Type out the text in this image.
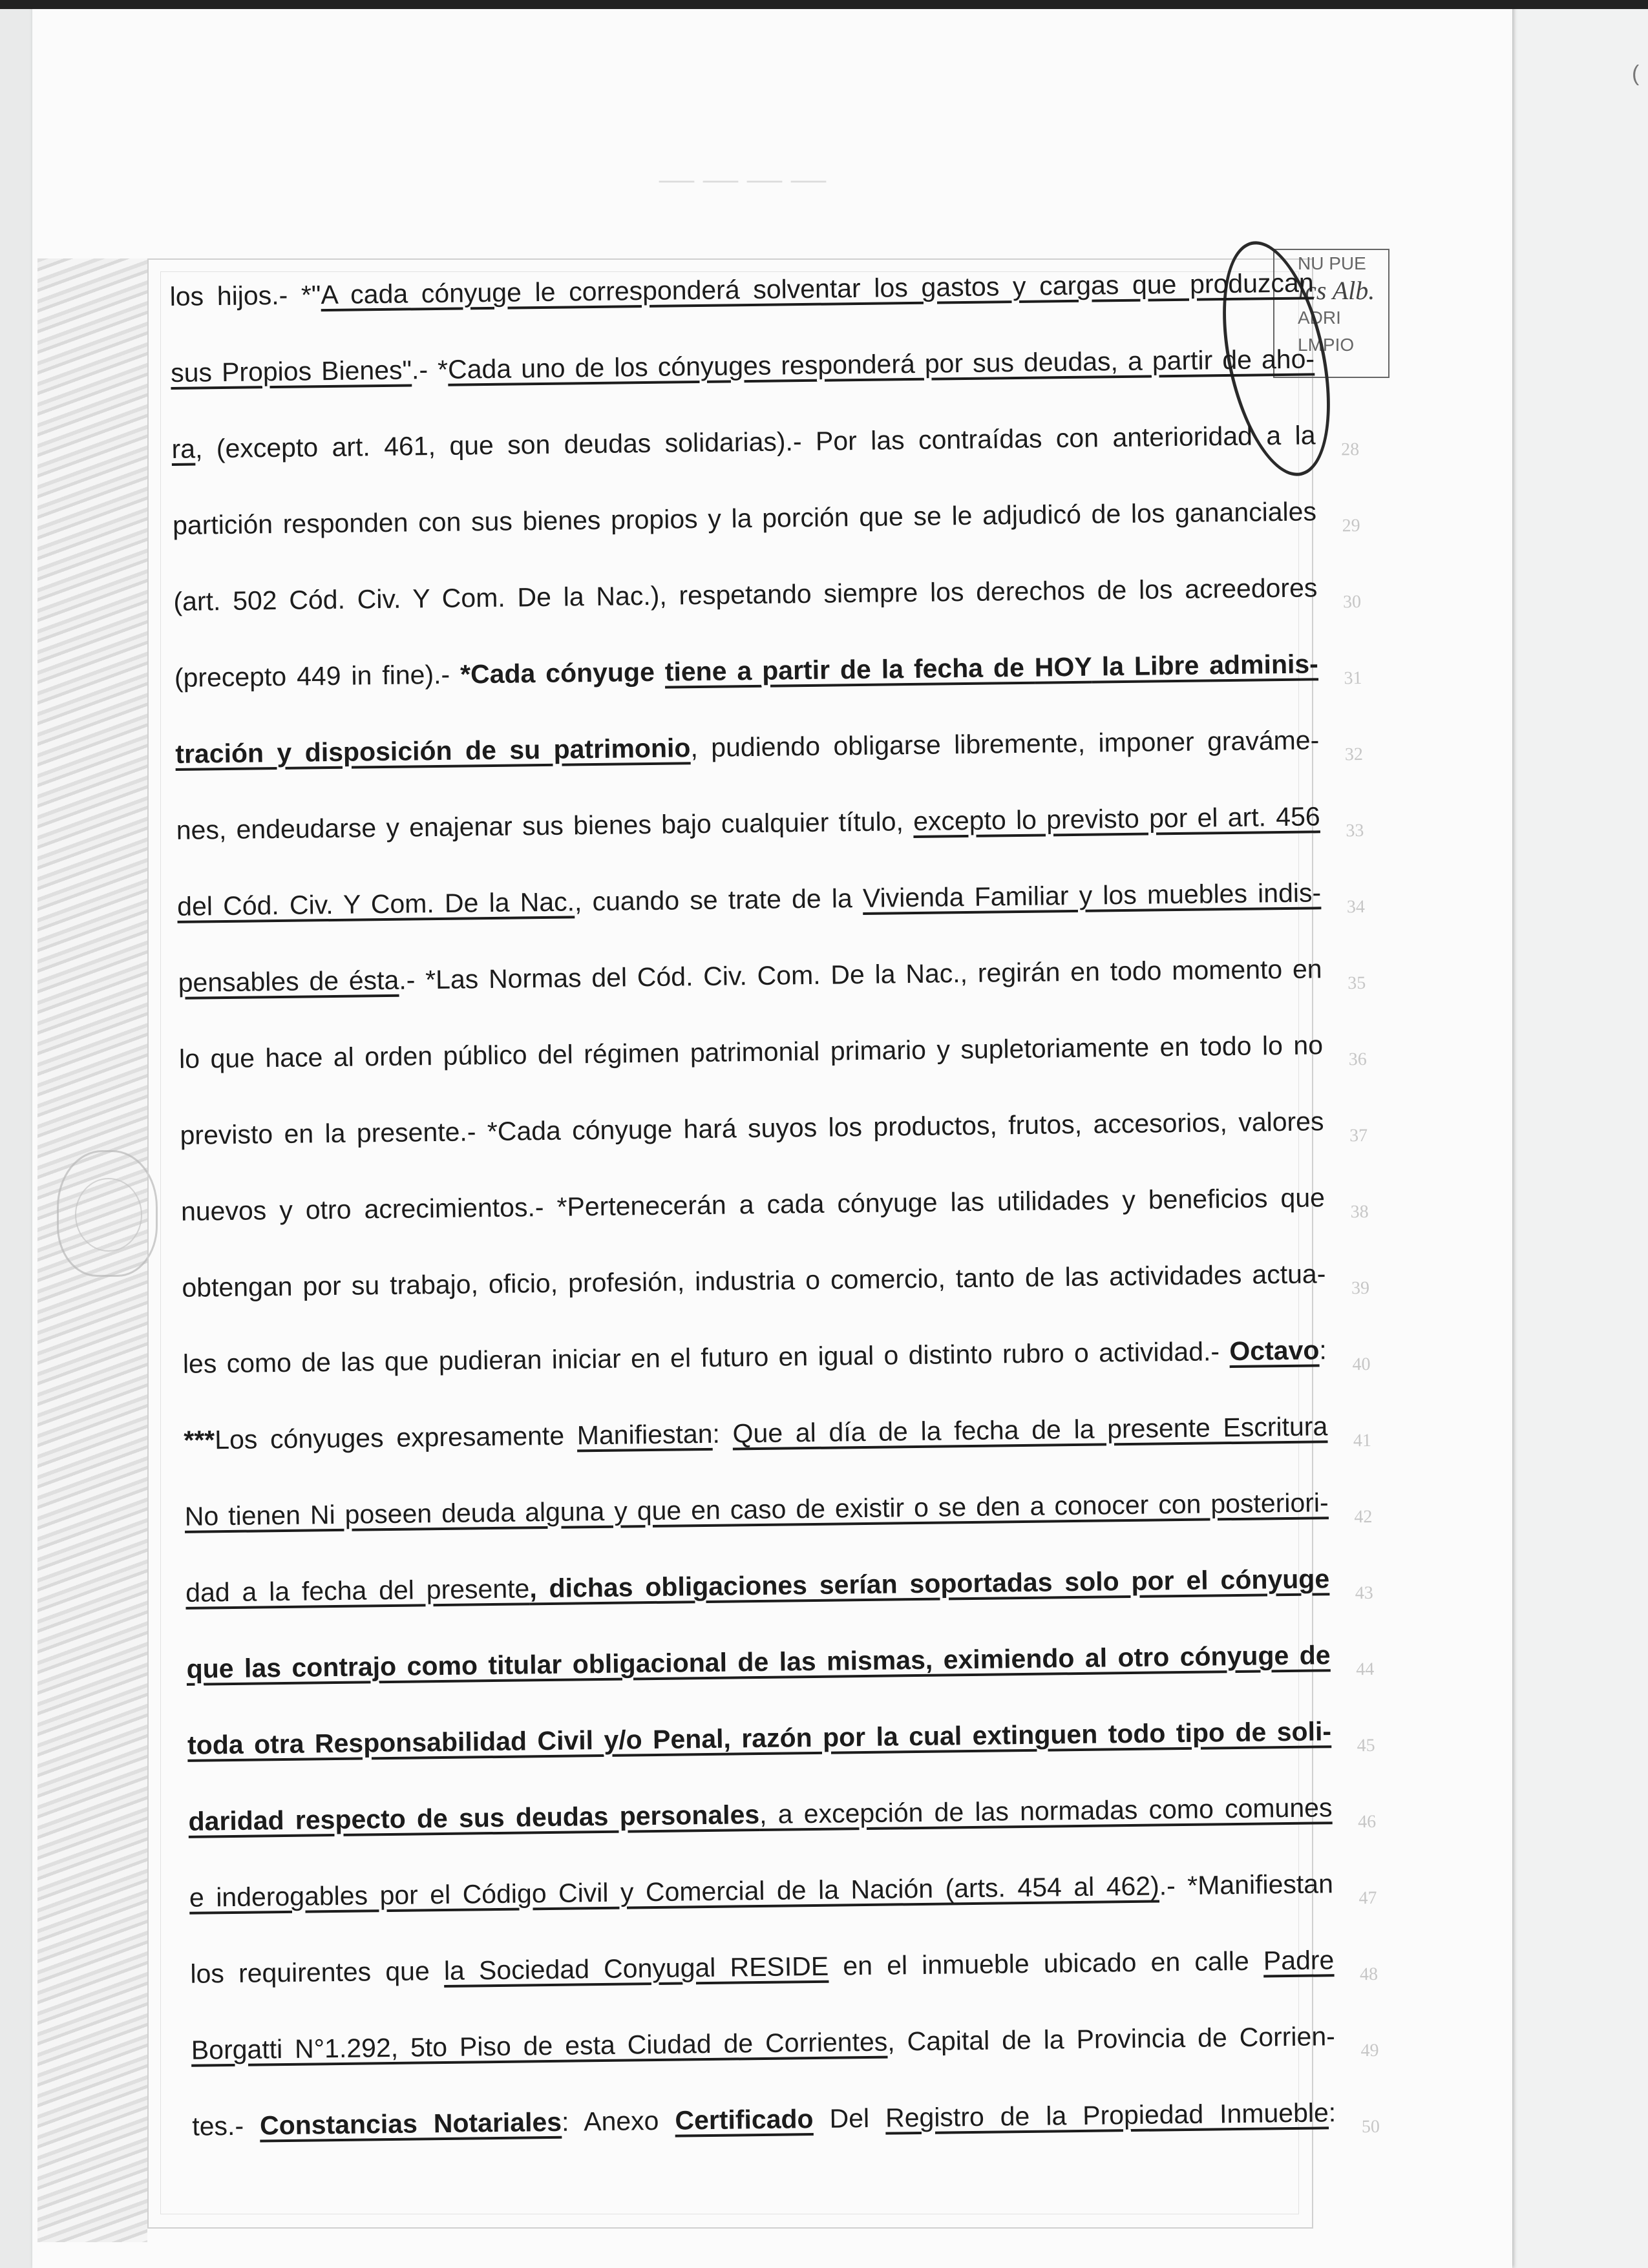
(
————
NU PUE
lcs Alb.
ADRI LMPIO
los hijos.- *"A cada cónyuge le corresponderá solventar los gastos y cargas que produzcan
sus Propios Bienes".- *Cada uno de los cónyuges responderá por sus deudas, a partir de aho-
ra, (excepto art. 461, que son deudas solidarias).- Por las contraídas con anterioridad a la
partición responden con sus bienes propios y la porción que se le adjudicó de los gananciales
(art. 502 Cód. Civ. Y Com. De la Nac.), respetando siempre los derechos de los acreedores
(precepto 449 in fine).- *Cada cónyuge tiene a partir de la fecha de HOY la Libre adminis-
tración y disposición de su patrimonio, pudiendo obligarse libremente, imponer graváme-
nes, endeudarse y enajenar sus bienes bajo cualquier título, excepto lo previsto por el art. 456
del Cód. Civ. Y Com. De la Nac., cuando se trate de la Vivienda Familiar y los muebles indis-
pensables de ésta.- *Las Normas del Cód. Civ. Com. De la Nac., regirán en todo momento en
lo que hace al orden público del régimen patrimonial primario y supletoriamente en todo lo no
previsto en la presente.- *Cada cónyuge hará suyos los productos, frutos, accesorios, valores
nuevos y otro acrecimientos.- *Pertenecerán a cada cónyuge las utilidades y beneficios que
obtengan por su trabajo, oficio, profesión, industria o comercio, tanto de las actividades actua-
les como de las que pudieran iniciar en el futuro en igual o distinto rubro o actividad.- Octavo:
***Los cónyuges expresamente Manifiestan: Que al día de la fecha de la presente Escritura
No tienen Ni poseen deuda alguna y que en caso de existir o se den a conocer con posteriori-
dad a la fecha del presente, dichas obligaciones serían soportadas solo por el cónyuge
que las contrajo como titular obligacional de las mismas, eximiendo al otro cónyuge de
toda otra Responsabilidad Civil y/o Penal, razón por la cual extinguen todo tipo de soli-
daridad respecto de sus deudas personales, a excepción de las normadas como comunes
e inderogables por el Código Civil y Comercial de la Nación (arts. 454 al 462).- *Manifiestan
los requirentes que la Sociedad Conyugal RESIDE en el inmueble ubicado en calle Padre
Borgatti N°1.292, 5to Piso de esta Ciudad de Corrientes, Capital de la Provincia de Corrien-
tes.- Constancias Notariales: Anexo Certificado Del Registro de la Propiedad Inmueble:
28
29
30
31
32
33
34
35
36
37
38
39
40
41
42
43
44
45
46
47
48
49
50
